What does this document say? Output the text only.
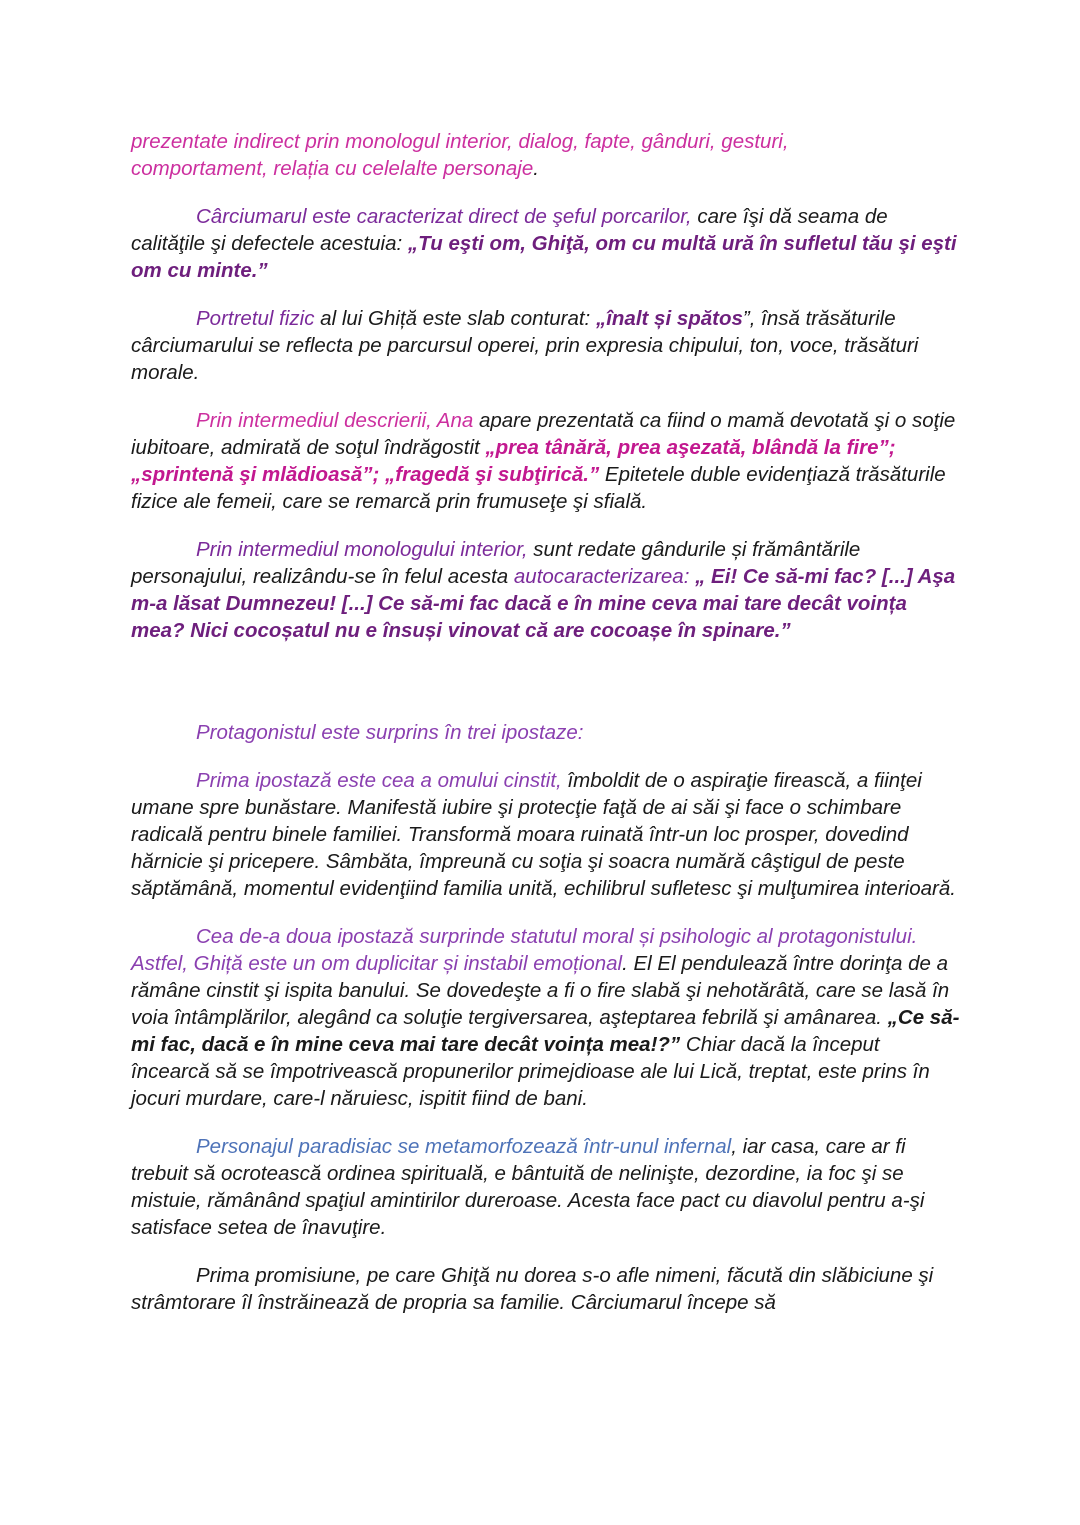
prezentate indirect prin monologul interior, dialog, fapte, gânduri, gesturi,
comportament, relația cu celelalte personaje.

Cârciumarul este caracterizat direct de şeful porcarilor, care îşi dă seama de calităţile şi defectele acestuia: „Tu eşti om, Ghiţă, om cu multă ură în sufletul tău şi eşti om cu minte.”

Portretul fizic al lui Ghiță este slab conturat: „înalt și spătos”, însă trăsăturile cârciumarului se reflecta pe parcursul operei, prin expresia chipului, ton, voce, trăsături morale.

Prin intermediul descrierii, Ana apare prezentată ca fiind o mamă devotată şi o soţie iubitoare, admirată de soţul îndrăgostit „prea tânără, prea aşezată, blândă la fire”; „sprintenă şi mlădioasă”; „fragedă şi subţirică.” Epitetele duble evidenţiază trăsăturile fizice ale femeii, care se remarcă prin frumuseţe şi sfială.

Prin intermediul monologului interior, sunt redate gândurile și frământările personajului, realizându-se în felul acesta autocaracterizarea: „ Ei! Ce să-mi fac? [...] Aşa m-a lăsat Dumnezeu! [...] Ce să-mi fac dacă e în mine ceva mai tare decât voința mea? Nici cocoșatul nu e însuși vinovat că are cocoașe în spinare.”

Protagonistul este surprins în trei ipostaze:

Prima ipostază este cea a omului cinstit, îmboldit de o aspiraţie firească, a fiinţei umane spre bunăstare. Manifestă iubire şi protecţie faţă de ai săi şi face o schimbare radicală pentru binele familiei. Transformă moara ruinată într-un loc prosper, dovedind hărnicie şi pricepere. Sâmbăta, împreună cu soţia şi soacra numără câştigul de peste săptămână, momentul evidenţiind familia unită, echilibrul sufletesc şi mulţumirea interioară.

Cea de-a doua ipostază surprinde statutul moral și psihologic al protagonistului. Astfel, Ghiță este un om duplicitar și instabil emoțional. El El pendulează între dorinţa de a rămâne cinstit şi ispita banului. Se dovedeşte a fi o fire slabă şi nehotărâtă, care se lasă în voia întâmplărilor, alegând ca soluţie tergiversarea, aşteptarea febrilă şi amânarea. „Ce să-mi fac, dacă e în mine ceva mai tare decât voința mea!?” Chiar dacă la început încearcă să se împotrivească propunerilor primejdioase ale lui Lică, treptat, este prins în jocuri murdare, care-l năruiesc, ispitit fiind de bani.

Personajul paradisiac se metamorfozează într-unul infernal, iar casa, care ar fi trebuit să ocrotească ordinea spirituală, e bântuită de nelinişte, dezordine, ia foc şi se mistuie, rămânând spaţiul amintirilor dureroase. Acesta face pact cu diavolul pentru a-şi satisface setea de înavuţire.

Prima promisiune, pe care Ghiţă nu dorea s-o afle nimeni, făcută din slăbiciune şi strâmtorare îl înstrăinează de propria sa familie. Cârciumarul începe să
